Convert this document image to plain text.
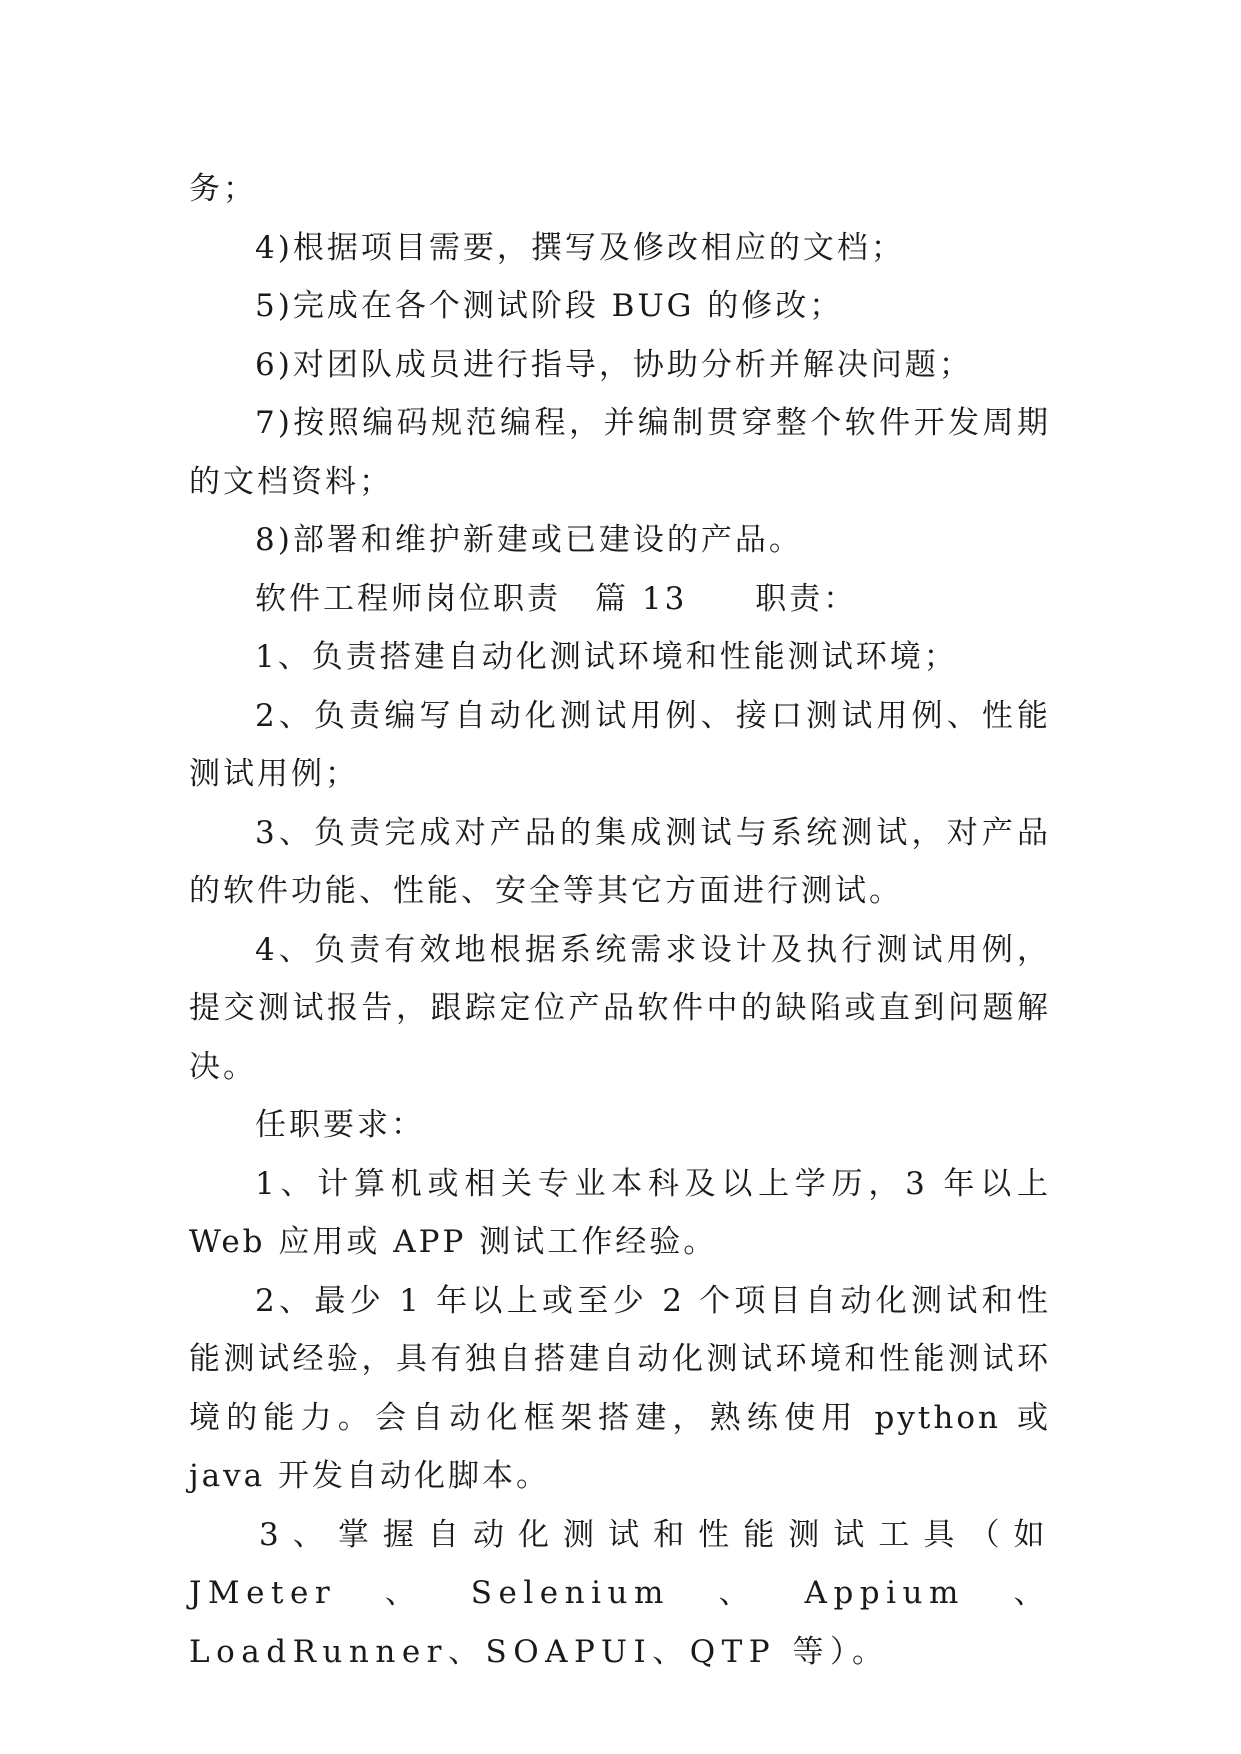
务；

4)根据项目需要，撰写及修改相应的文档；

5)完成在各个测试阶段 BUG 的修改；

6)对团队成员进行指导，协助分析并解决问题；

7)按照编码规范编程，并编制贯穿整个软件开发周期的文档资料；

8)部署和维护新建或已建设的产品。

软件工程师岗位职责　篇 13　　职责：

1、负责搭建自动化测试环境和性能测试环境；

2、负责编写自动化测试用例、接口测试用例、性能测试用例；

3、负责完成对产品的集成测试与系统测试，对产品的软件功能、性能、安全等其它方面进行测试。

4、负责有效地根据系统需求设计及执行测试用例，提交测试报告，跟踪定位产品软件中的缺陷或直到问题解决。

任职要求：

1、计算机或相关专业本科及以上学历，3 年以上 Web 应用或 APP 测试工作经验。

2、最少 1 年以上或至少 2 个项目自动化测试和性能测试经验，具有独自搭建自动化测试环境和性能测试环境的能力。会自动化框架搭建，熟练使用 python 或 java 开发自动化脚本。

3、掌握自动化测试和性能测试工具（如 JMeter、Selenium、Appium、LoadRunner、SOAPUI、QTP 等）。
